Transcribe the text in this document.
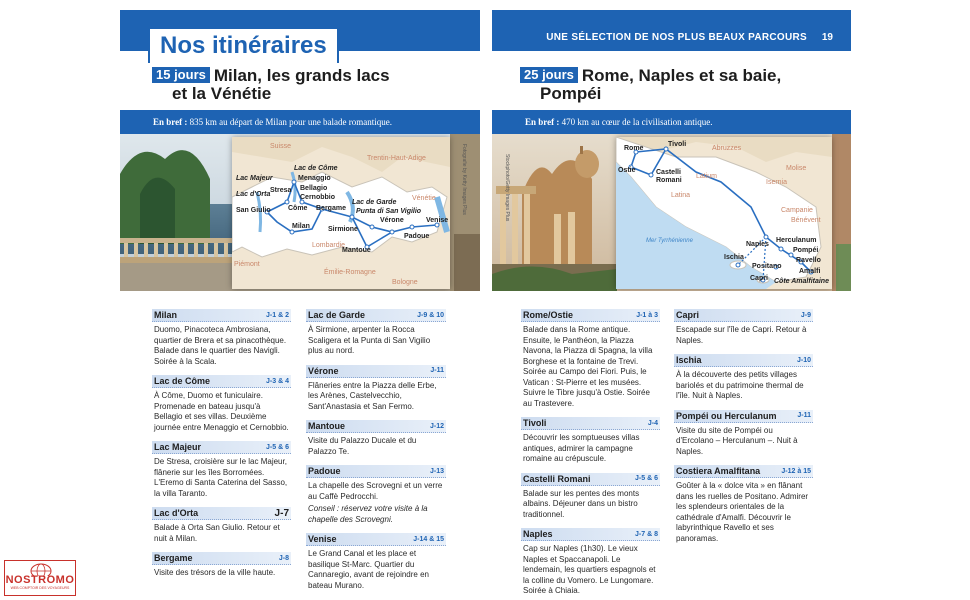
Nos itinéraires
15 jours Milan, les grands lacs
et la Vénétie
En bref : 835 km au départ de Milan pour une balade romantique.
Suisse
Trentin-Haut-Adige
Vénétie
Lombardie
Piémont
Émilie-Romagne
Lac Majeur
Lac d'Orta
Stresa
San Giulio
Lac de Côme
Menaggio
Bellagio
Cernobbio
Côme Bergame
Lac de Garde
Punta di San Vigilio
Sirmione
Vérone	Venise
Padoue
Mantoue
Milan
Bologne
Fotografie by Ketty Images Plus
Milan	J-1 & 2
Duomo, Pinacoteca Ambrosiana, quartier de Brera et sa pinacothèque. Balade dans le quartier des Navigli. Soirée à la Scala.
Lac de Côme	J-3 & 4
À Côme, Duomo et funiculaire. Promenade en bateau jusqu'à Bellagio et ses villas. Deuxième journée entre Menaggio et Cernobbio.
Lac Majeur	J-5 & 6
De Stresa, croisière sur le lac Majeur, flânerie sur les îles Borromées. L'Eremo di Santa Caterina del Sasso, la villa Taranto.
Lac d'Orta	J-7
Balade à Orta San Giulio. Retour et nuit à Milan.
Bergame	J-8
Visite des trésors de la ville haute.
Lac de Garde	J-9 & 10
À Sirmione, arpenter la Rocca Scaligera et la Punta di San Vigilio plus au nord.
Vérone	J-11
Flâneries entre la Piazza delle Erbe, les Arènes, Castelvecchio, Sant'Anastasia et San Fermo.
Mantoue	J-12
Visite du Palazzo Ducale et du Palazzo Te.
Padoue	J-13
La chapelle des Scrovegni et un verre au Caffè Pedrocchi.
Conseil : réservez votre visite à la chapelle des Scrovegni.
Venise	J-14 & 15
Le Grand Canal et les place et basilique St-Marc. Quartier du Cannaregio, avant de rejoindre en bateau Murano.
NOSTROMO
WEB COMPTOIR DES VOYAGEURS
UNE SÉLECTION DE NOS PLUS BEAUX PARCOURS 19
25 jours Rome, Naples et sa baie,
Pompéi
En bref : 470 km au cœur de la civilisation antique.
Abruzzes
Molise
Latium
Campanie
Rome
Tivoli
Ostie	Castelli Romani
Latina
Isernia
Bénévent
Naples
Herculanum
Pompéi
Ravello
Amalfi
Côte Amalfitaine
Ischia
Positano
Capri
Mer Tyrrhénienne
Stockphoto/Getty Images Plus
Rome/Ostie	J-1 à 3
Balade dans la Rome antique. Ensuite, le Panthéon, la Piazza Navona, la Piazza di Spagna, la villa Borghese et la fontaine de Trevi. Soirée au Campo dei Fiori. Puis, le Vatican : St-Pierre et les musées. Suivre le Tibre jusqu'à Ostie. Soirée au Trastevere.
Tivoli	J-4
Découvrir les somptueuses villas antiques, admirer la campagne romaine au crépuscule.
Castelli Romani	J-5 & 6
Balade sur les pentes des monts albains. Déjeuner dans un bistro traditionnel.
Naples	J-7 & 8
Cap sur Naples (1h30). Le vieux Naples et Spaccanapoli. Le lendemain, les quartiers espagnols et la colline du Vomero. Le Lungomare. Soirée à Chiaia.
Capri	J-9
Escapade sur l'île de Capri. Retour à Naples.
Ischia	J-10
À la découverte des petits villages bariolés et du patrimoine thermal de l'île. Nuit à Naples.
Pompéi ou Herculanum	J-11
Visite du site de Pompéi ou d'Ercolano – Herculanum –. Nuit à Naples.
Costiera Amalfitana	J-12 à 15
Goûter à la « dolce vita » en flânant dans les ruelles de Positano. Admirer les splendeurs orientales de la cathédrale d'Amalfi. Découvrir le labyrinthique Ravello et ses panoramas.
